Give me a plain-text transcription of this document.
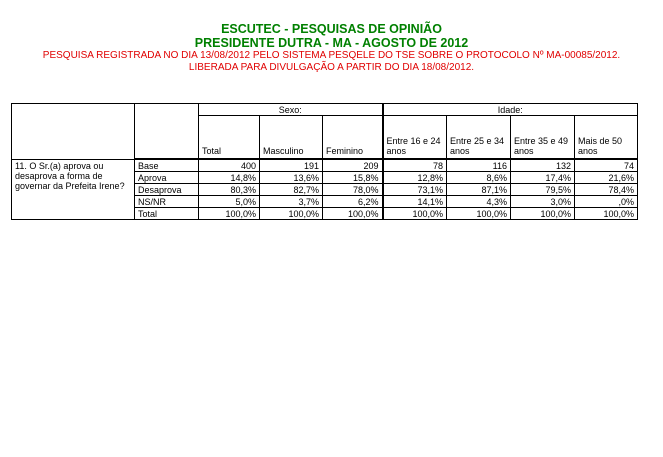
ESCUTEC - PESQUISAS DE OPINIÃO
PRESIDENTE DUTRA - MA - AGOSTO DE 2012
PESQUISA REGISTRADA NO DIA 13/08/2012 PELO SISTEMA PESQELE DO TSE SOBRE O PROTOCOLO Nº MA-00085/2012.
LIBERADA PARA DIVULGAÇÃO A PARTIR DO DIA 18/08/2012.
		Sexo:			Idade:			
		Total	Masculino	Feminino	Entre 16 e 24 anos	Entre 25 e 34 anos	Entre 35 e 49 anos	Mais de 50 anos
11. O Sr.(a) aprova ou desaprova a forma de governar da Prefeita Irene?	Base	400	191	209	78	116	132	74
	Aprova	14,8%	13,6%	15,8%	12,8%	8,6%	17,4%	21,6%
	Desaprova	80,3%	82,7%	78,0%	73,1%	87,1%	79,5%	78,4%
	NS/NR	5,0%	3,7%	6,2%	14,1%	4,3%	3,0%	,0%
	Total	100,0%	100,0%	100,0%	100,0%	100,0%	100,0%	100,0%
